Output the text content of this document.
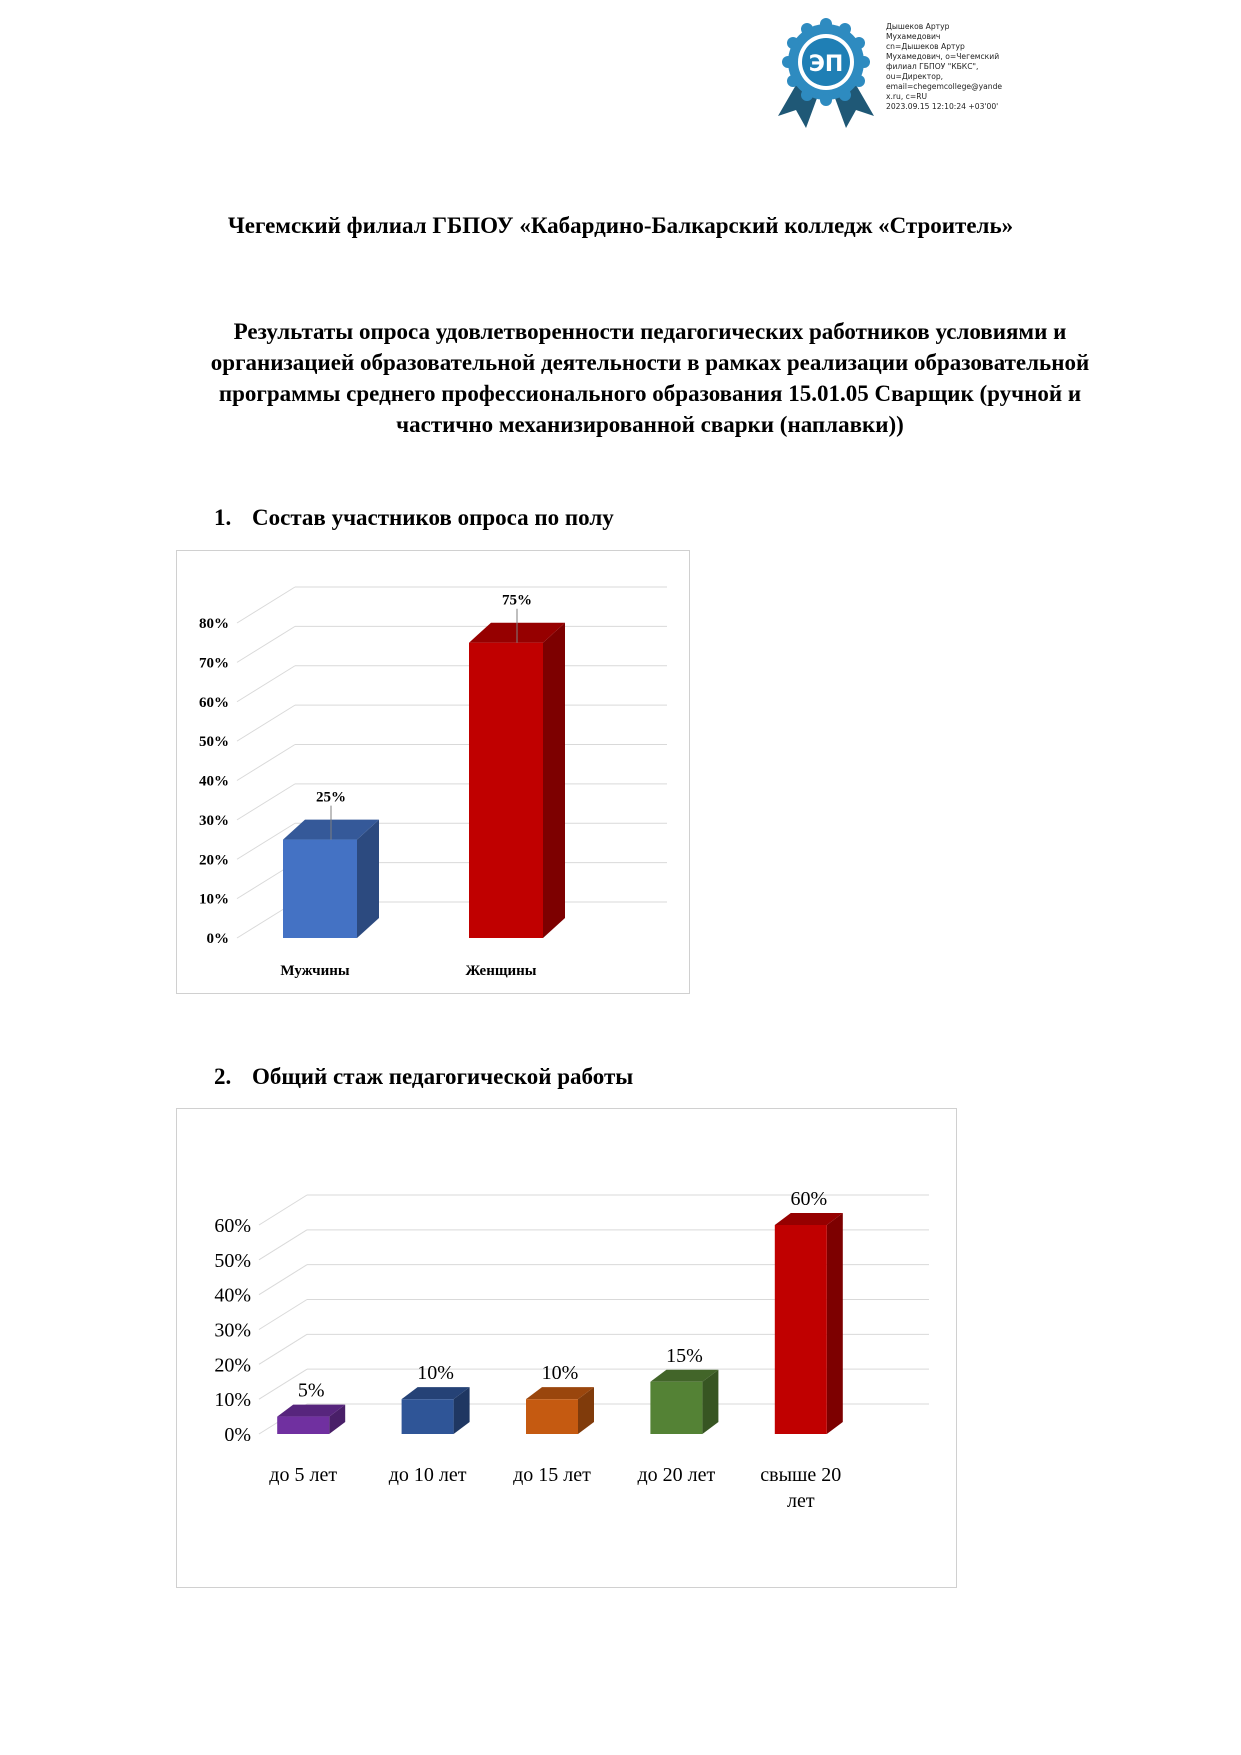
ЭП
Дышеков Артур
Мухамедович
cn=Дышеков Артур
Мухамедович, o=Чегемский
филиал ГБПОУ "КБКС",
ou=Директор,
email=chegemcollege@yande
x.ru, c=RU
2023.09.15 12:10:24 +03'00'
Чегемский филиал ГБПОУ «Кабардино-Балкарский колледж «Строитель»
Результаты опроса удовлетворенности педагогических работников условиями и
организацией образовательной деятельности в рамках реализации образовательной
программы среднего профессионального образования 15.01.05 Сварщик (ручной и
частично механизированной сварки (наплавки))
1. Состав участников опроса по полу
0%
10%
20%
30%
40%
50%
60%
70%
80%
25%
Мужчины
75%
Женщины
2. Общий стаж педагогической работы
0%
10%
20%
30%
40%
50%
60%
5%
до 5 лет
10%
до 10 лет
10%
до 15 лет
15%
до 20 лет
60%
свыше 20
лет
